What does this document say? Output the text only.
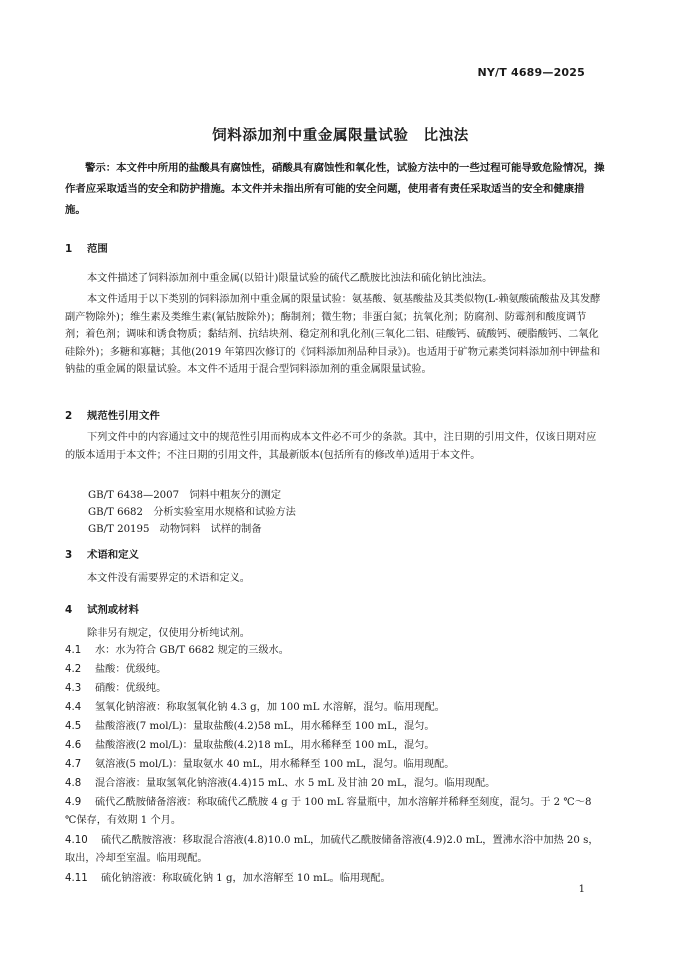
NY/T 4689—2025
饲料添加剂中重金属限量试验　比浊法
警示：本文件中所用的盐酸具有腐蚀性，硝酸具有腐蚀性和氧化性，试验方法中的一些过程可能导致危险情况，操作者应采取适当的安全和防护措施。本文件并未指出所有可能的安全问题，使用者有责任采取适当的安全和健康措施。
1 范围
本文件描述了饲料添加剂中重金属(以铅计)限量试验的硫代乙酰胺比浊法和硫化钠比浊法。
本文件适用于以下类别的饲料添加剂中重金属的限量试验：氨基酸、氨基酸盐及其类似物(L-赖氨酸硫酸盐及其发酵副产物除外)；维生素及类维生素(氰钴胺除外)；酶制剂；微生物；非蛋白氮；抗氧化剂；防腐剂、防霉剂和酸度调节剂；着色剂；调味和诱食物质；黏结剂、抗结块剂、稳定剂和乳化剂(三氧化二铝、硅酸钙、硫酸钙、硬脂酸钙、二氧化硅除外)；多糖和寡糖；其他(2019 年第四次修订的《饲料添加剂品种目录》)。也适用于矿物元素类饲料添加剂中钾盐和钠盐的重金属的限量试验。本文件不适用于混合型饲料添加剂的重金属限量试验。
2 规范性引用文件
下列文件中的内容通过文中的规范性引用而构成本文件必不可少的条款。其中，注日期的引用文件，仅该日期对应的版本适用于本文件；不注日期的引用文件，其最新版本(包括所有的修改单)适用于本文件。
GB/T 6438—2007　饲料中粗灰分的测定
GB/T 6682　分析实验室用水规格和试验方法
GB/T 20195　动物饲料　试样的制备
3 术语和定义
本文件没有需要界定的术语和定义。
4 试剂或材料
除非另有规定，仅使用分析纯试剂。
4.1 水：水为符合 GB/T 6682 规定的三级水。
4.2 盐酸：优级纯。
4.3 硝酸：优级纯。
4.4 氢氧化钠溶液：称取氢氧化钠 4.3 g，加 100 mL 水溶解，混匀。临用现配。
4.5 盐酸溶液(7 mol/L)：量取盐酸(4.2)58 mL，用水稀释至 100 mL，混匀。
4.6 盐酸溶液(2 mol/L)：量取盐酸(4.2)18 mL，用水稀释至 100 mL，混匀。
4.7 氨溶液(5 mol/L)：量取氨水 40 mL，用水稀释至 100 mL，混匀。临用现配。
4.8 混合溶液：量取氢氧化钠溶液(4.4)15 mL、水 5 mL 及甘油 20 mL，混匀。临用现配。
4.9 硫代乙酰胺储备溶液：称取硫代乙酰胺 4 g 于 100 mL 容量瓶中，加水溶解并稀释至刻度，混匀。于 2 ℃～8 ℃保存，有效期 1 个月。
4.10 硫代乙酰胺溶液：移取混合溶液(4.8)10.0 mL，加硫代乙酰胺储备溶液(4.9)2.0 mL，置沸水浴中加热 20 s，取出，冷却至室温。临用现配。
4.11 硫化钠溶液：称取硫化钠 1 g，加水溶解至 10 mL。临用现配。
1
